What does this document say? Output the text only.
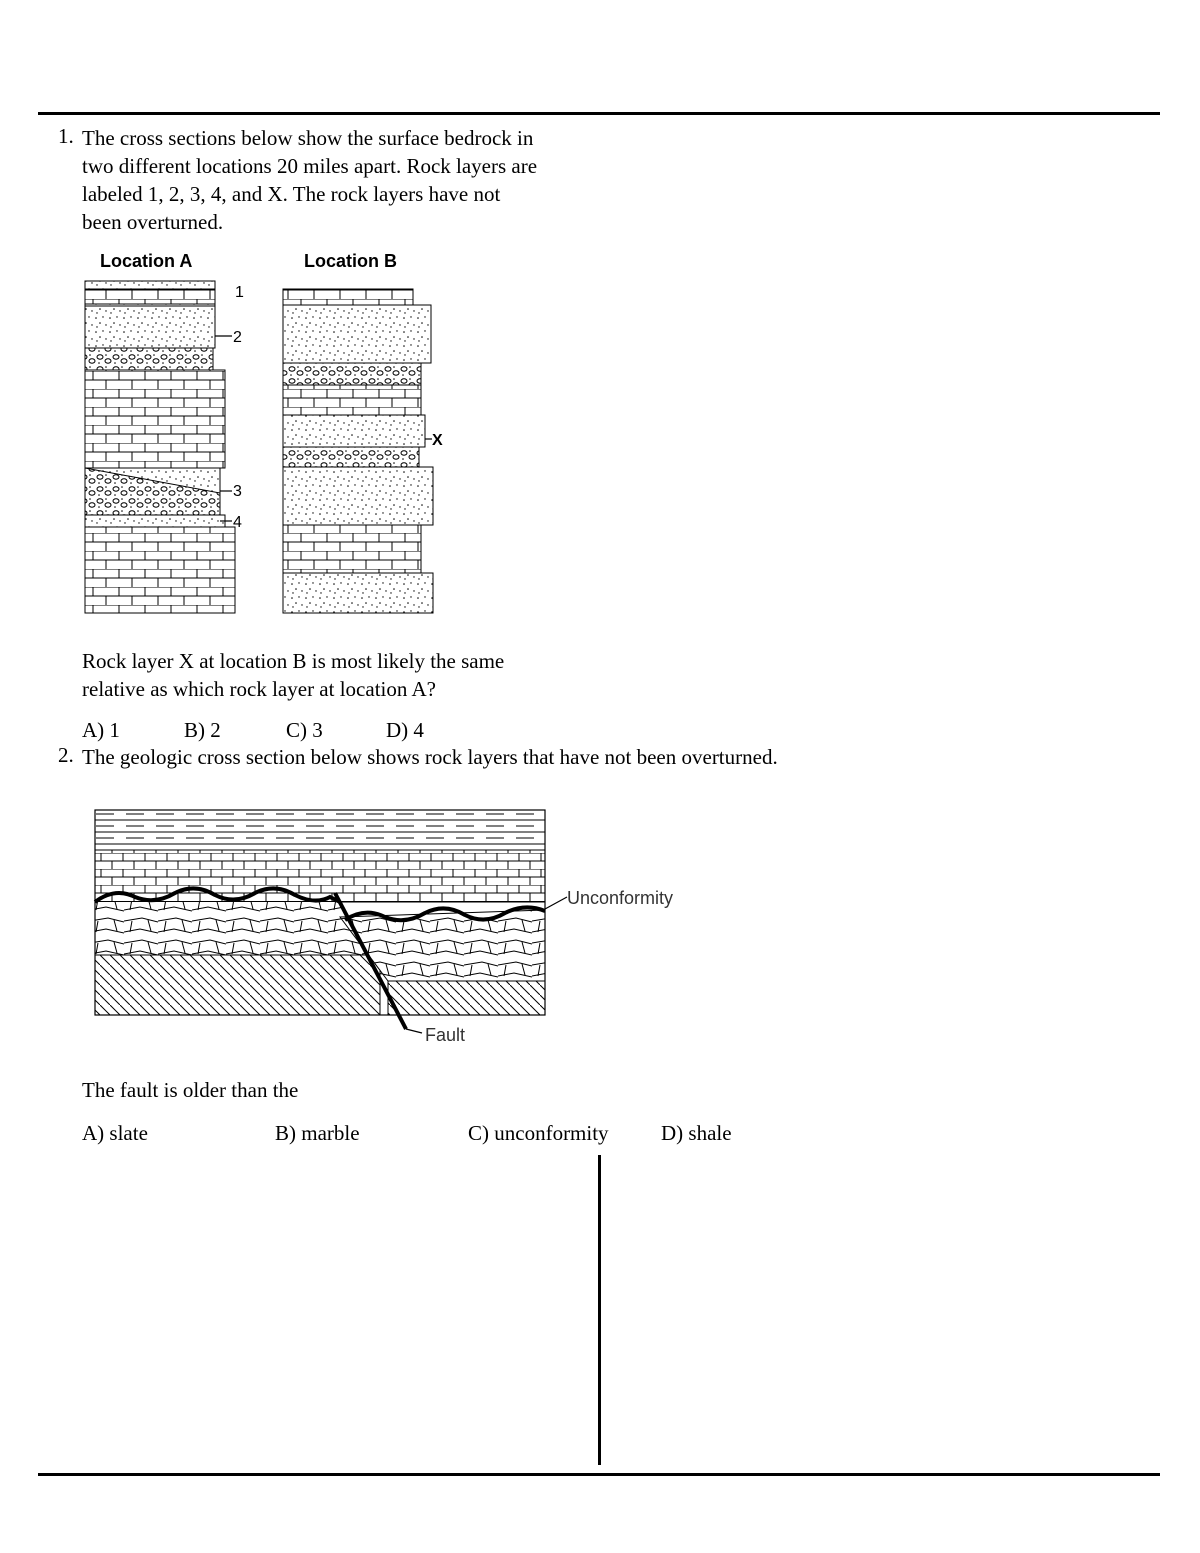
1. The cross sections below show the surface bedrock in
two different locations 20 miles apart. Rock layers are
labeled 1, 2, 3, 4, and X. The rock layers have not
been overturned.
Location A	Location B
1
2
3
4
X
Rock layer X at location B is most likely the same
relative as which rock layer at location A?
A) 1	B) 2	C) 3	D) 4
2. The geologic cross section below shows rock layers that have not been overturned.
Unconformity
Fault
The fault is older than the
A) slate	B) marble	C) unconformity D) shale
